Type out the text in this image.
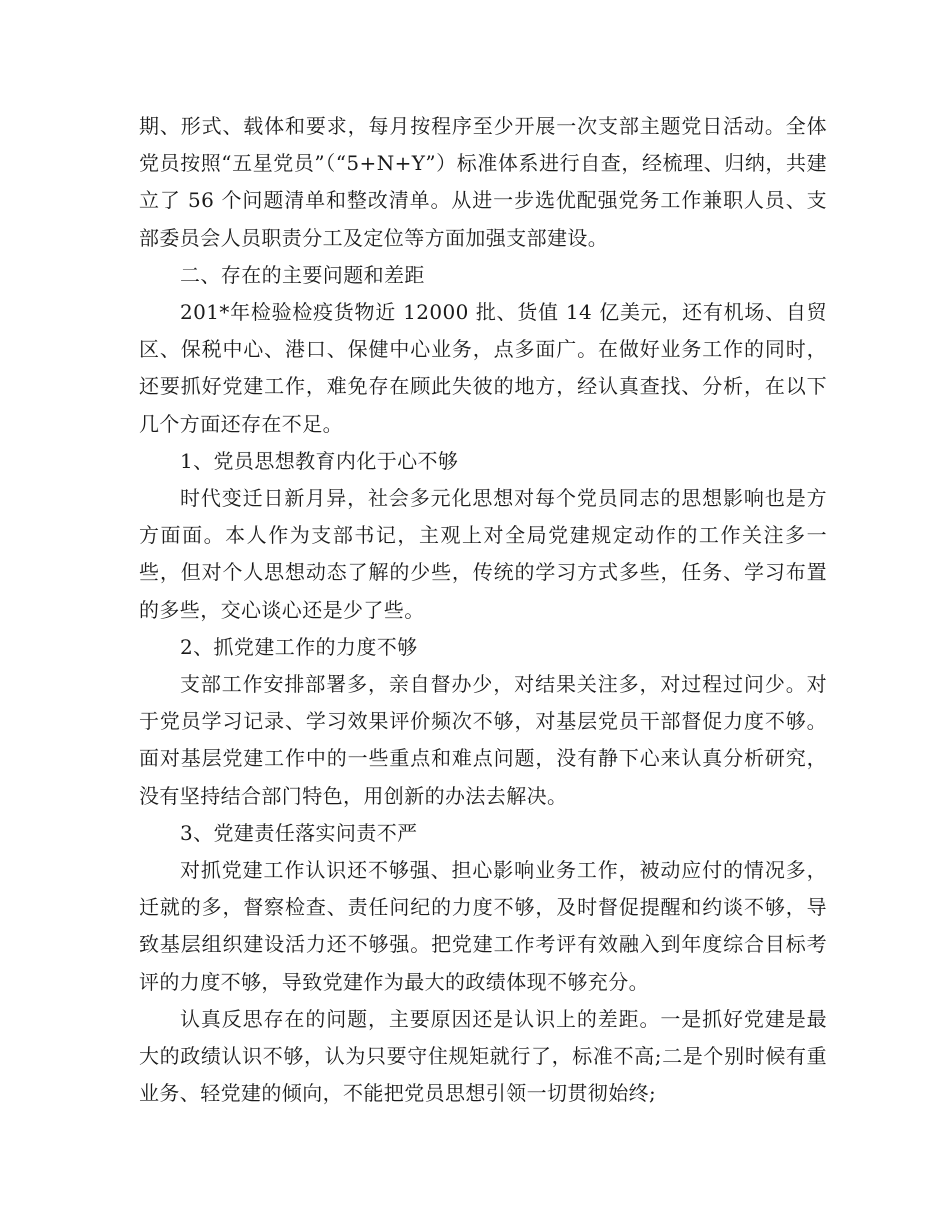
期、形式、载体和要求，每月按程序至少开展一次支部主题党日活动。全体党员按照“五星党员”（“5+N+Y”）标准体系进行自查，经梳理、归纳，共建立了 56 个问题清单和整改清单。从进一步选优配强党务工作兼职人员、支部委员会人员职责分工及定位等方面加强支部建设。

二、存在的主要问题和差距

201*年检验检疫货物近 12000 批、货值 14 亿美元，还有机场、自贸区、保税中心、港口、保健中心业务，点多面广。在做好业务工作的同时，还要抓好党建工作，难免存在顾此失彼的地方，经认真查找、分析，在以下几个方面还存在不足。

1、党员思想教育内化于心不够

时代变迁日新月异，社会多元化思想对每个党员同志的思想影响也是方方面面。本人作为支部书记，主观上对全局党建规定动作的工作关注多一些，但对个人思想动态了解的少些，传统的学习方式多些，任务、学习布置的多些，交心谈心还是少了些。

2、抓党建工作的力度不够

支部工作安排部署多，亲自督办少，对结果关注多，对过程过问少。对于党员学习记录、学习效果评价频次不够，对基层党员干部督促力度不够。面对基层党建工作中的一些重点和难点问题，没有静下心来认真分析研究，没有坚持结合部门特色，用创新的办法去解决。

3、党建责任落实问责不严

对抓党建工作认识还不够强、担心影响业务工作，被动应付的情况多，迁就的多，督察检查、责任问纪的力度不够，及时督促提醒和约谈不够，导致基层组织建设活力还不够强。把党建工作考评有效融入到年度综合目标考评的力度不够，导致党建作为最大的政绩体现不够充分。

认真反思存在的问题，主要原因还是认识上的差距。一是抓好党建是最大的政绩认识不够，认为只要守住规矩就行了，标准不高;二是个别时候有重业务、轻党建的倾向，不能把党员思想引领一切贯彻始终;
